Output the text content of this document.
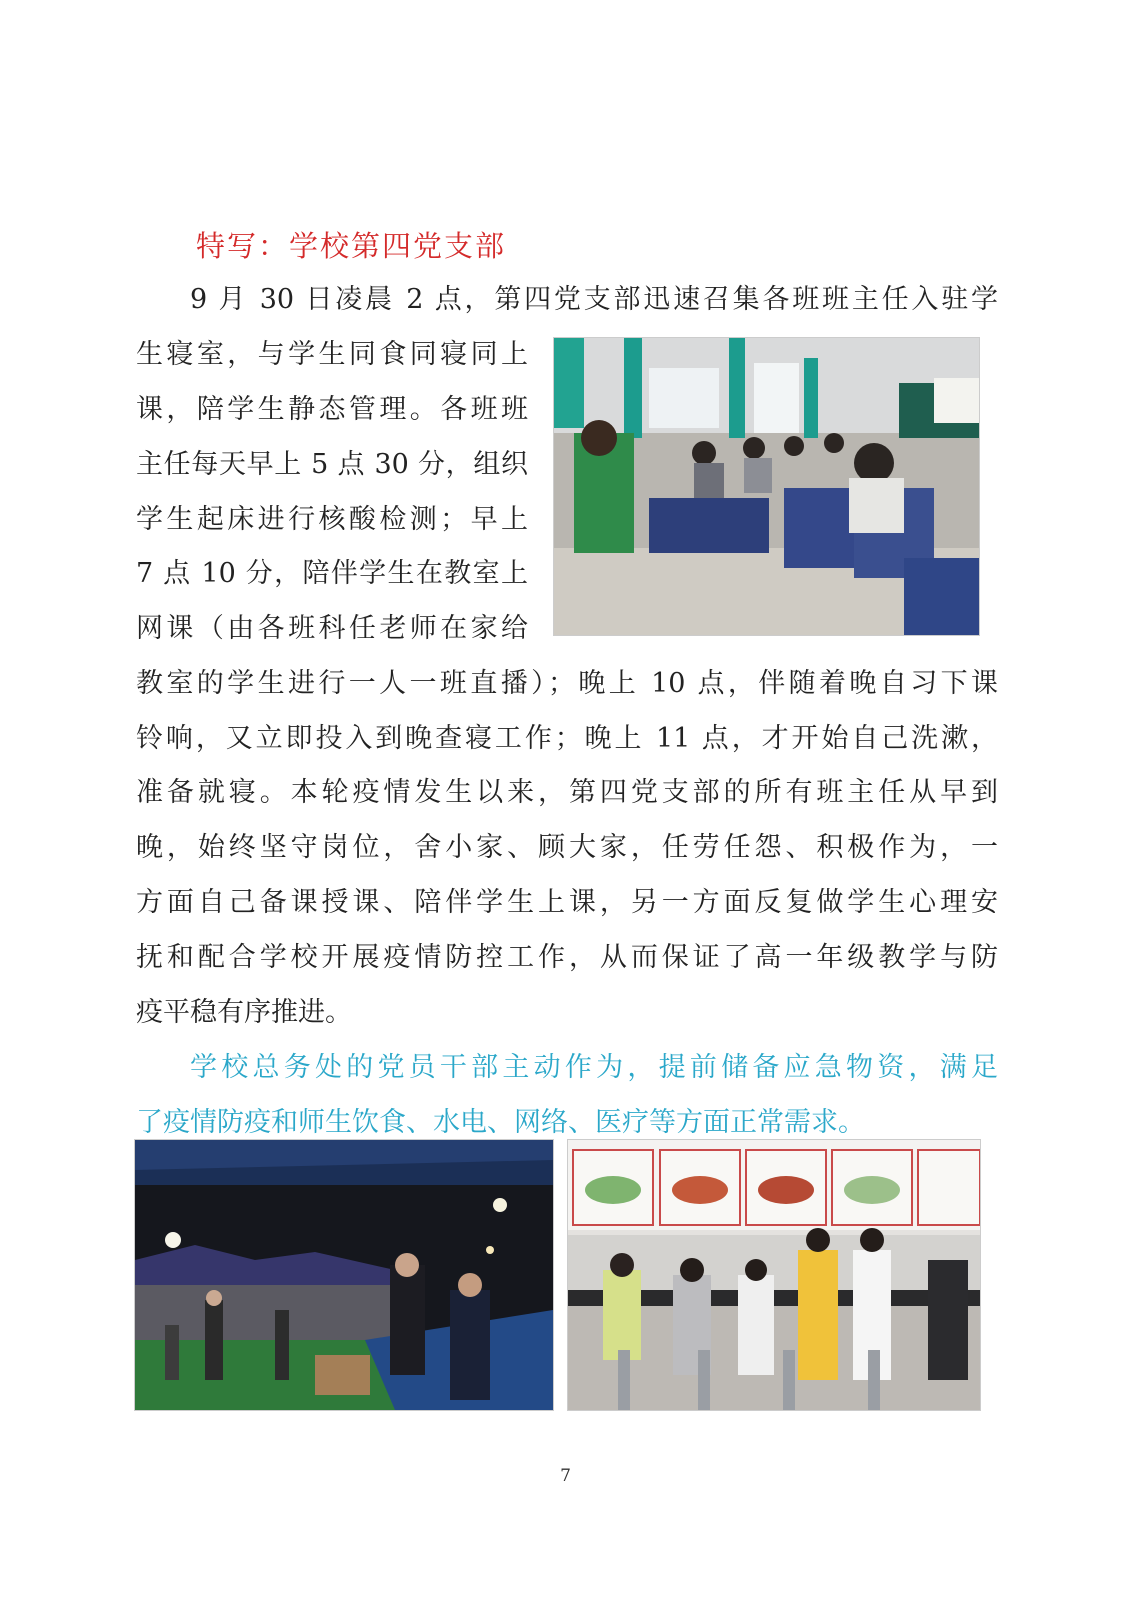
特写：学校第四党支部
9 月 30 日凌晨 2 点，第四党支部迅速召集各班班主任入驻学
生寝室，与学生同食同寝同上
课，陪学生静态管理。各班班
主任每天早上 5 点 30 分，组织
学生起床进行核酸检测；早上
7 点 10 分，陪伴学生在教室上
网课（由各班科任老师在家给
教室的学生进行一人一班直播）；晚上 10 点，伴随着晚自习下课
铃响，又立即投入到晚查寝工作；晚上 11 点，才开始自己洗漱，
准备就寝。本轮疫情发生以来，第四党支部的所有班主任从早到
晚，始终坚守岗位，舍小家、顾大家，任劳任怨、积极作为，一
方面自己备课授课、陪伴学生上课，另一方面反复做学生心理安
抚和配合学校开展疫情防控工作，从而保证了高一年级教学与防
疫平稳有序推进。
学校总务处的党员干部主动作为，提前储备应急物资，满足
了疫情防疫和师生饮食、水电、网络、医疗等方面正常需求。
7
